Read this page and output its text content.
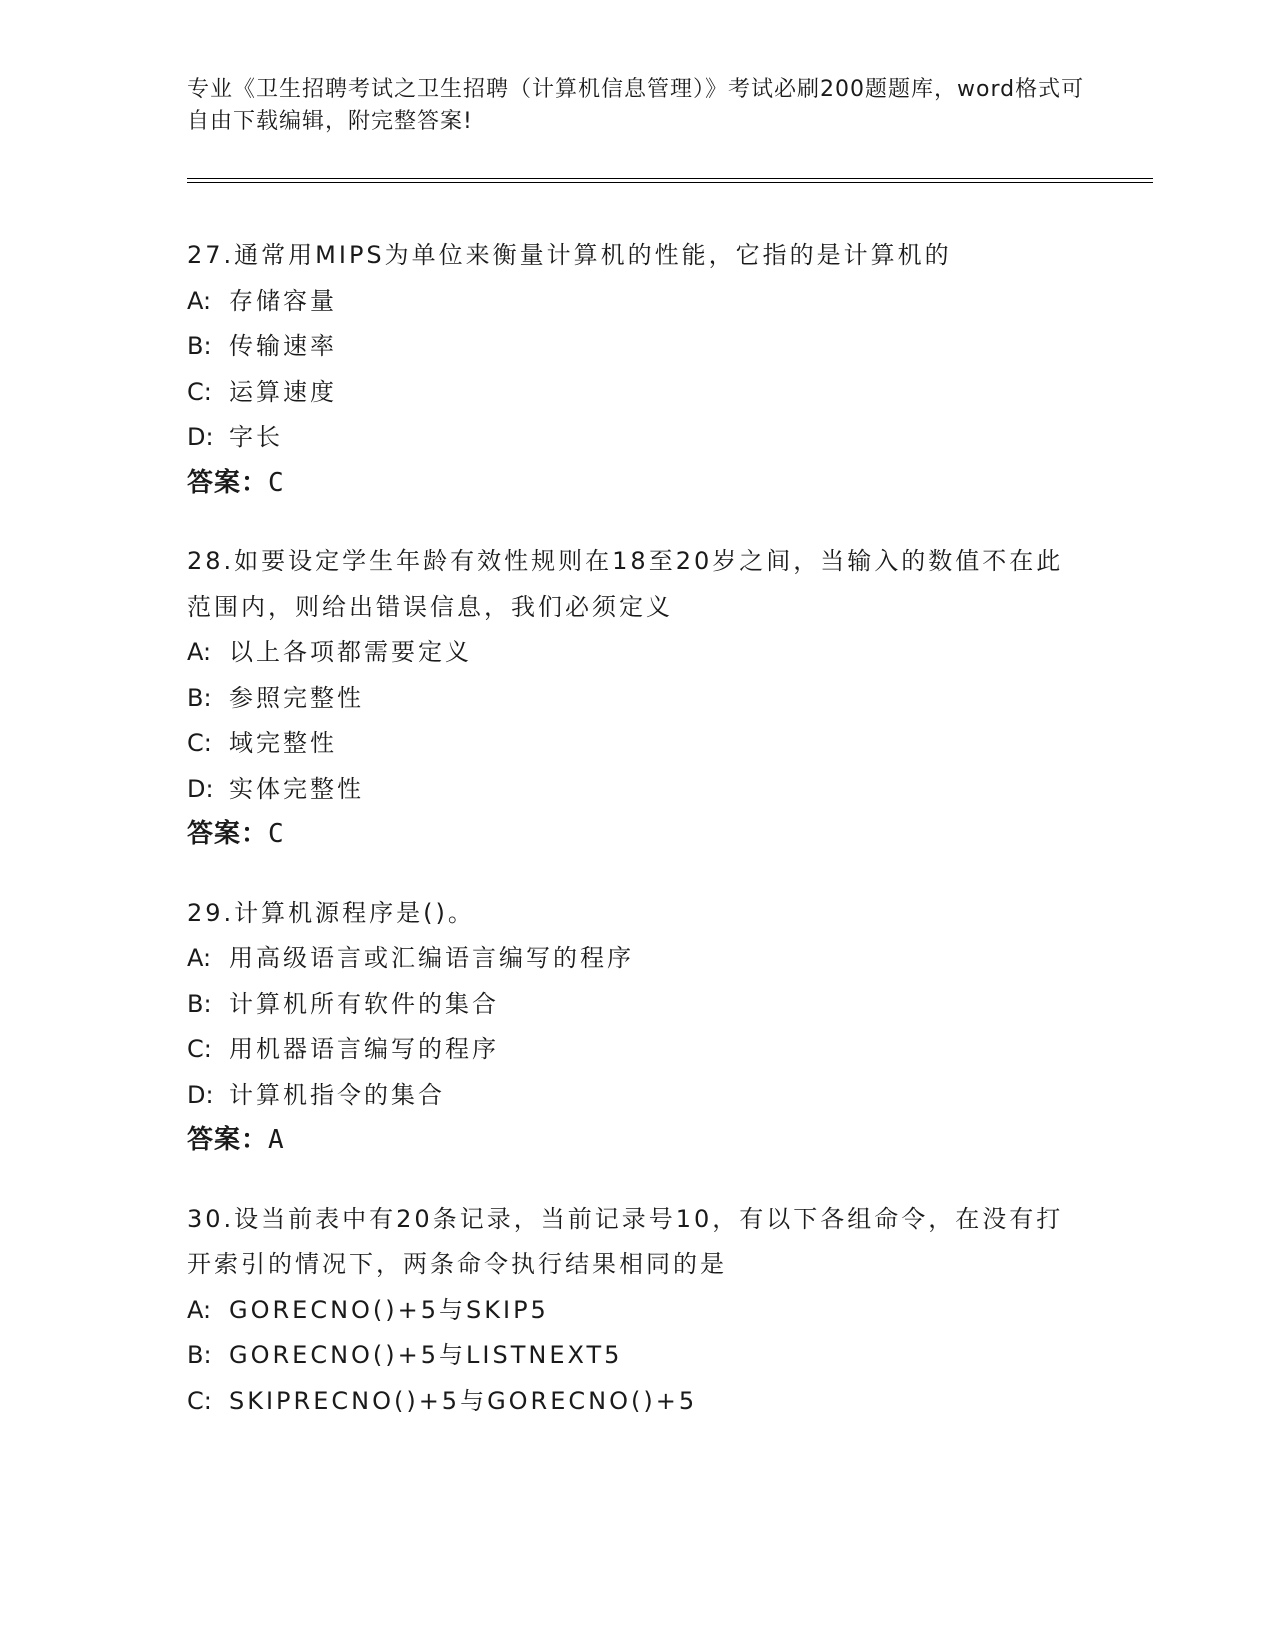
专业《卫生招聘考试之卫生招聘（计算机信息管理）》考试必刷200题题库，word格式可自由下载编辑，附完整答案!
27.通常用MIPS为单位来衡量计算机的性能，它指的是计算机的
A: 存储容量
B: 传输速率
C: 运算速度
D: 字长
答案：C
28.如要设定学生年龄有效性规则在18至20岁之间，当输入的数值不在此范围内，则给出错误信息，我们必须定义
A: 以上各项都需要定义
B: 参照完整性
C: 域完整性
D: 实体完整性
答案：C
29.计算机源程序是()。
A: 用高级语言或汇编语言编写的程序
B: 计算机所有软件的集合
C: 用机器语言编写的程序
D: 计算机指令的集合
答案：A
30.设当前表中有20条记录，当前记录号10，有以下各组命令，在没有打开索引的情况下，两条命令执行结果相同的是
A: GORECNO()+5与SKIP5
B: GORECNO()+5与LISTNEXT5
C: SKIPRECNO()+5与GORECNO()+5
